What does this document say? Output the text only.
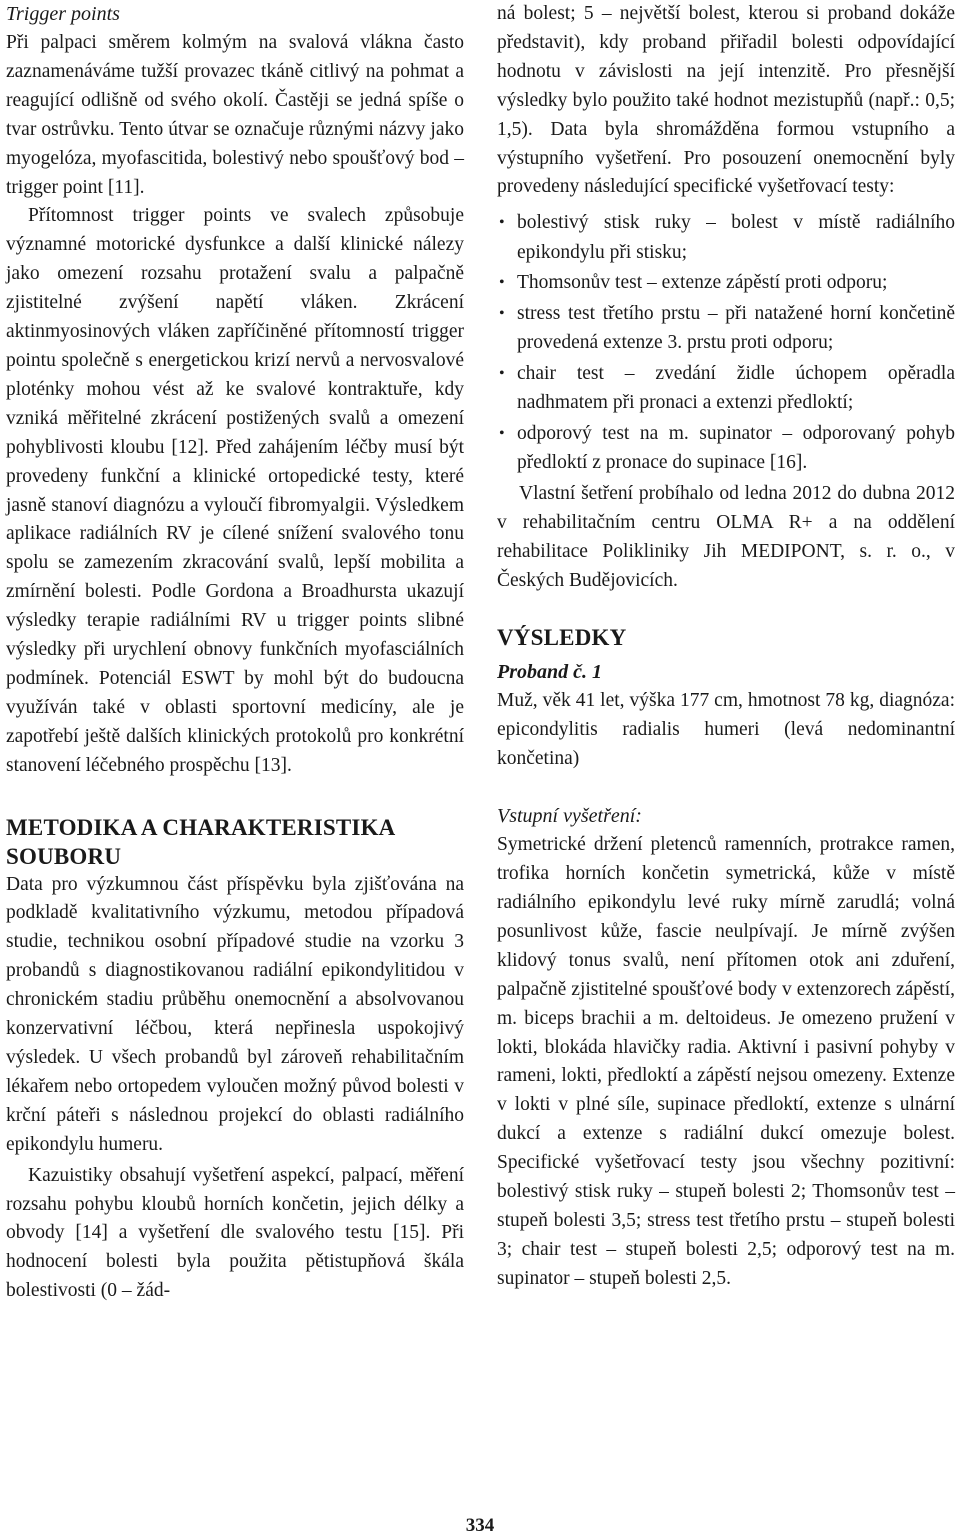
Trigger points

Při palpaci směrem kolmým na svalová vlákna často zaznamenáváme tužší provazec tkáně citlivý na pohmat a reagující odlišně od svého okolí. Častěji se jedná spíše o tvar ostrůvku. Tento útvar se označuje různými názvy jako myogelóza, myofascitida, bolestivý nebo spoušťový bod – trigger point [11].

Přítomnost trigger points ve svalech způsobuje významné motorické dysfunkce a další klinické nálezy jako omezení rozsahu protažení svalu a palpačně zjistitelné zvýšení napětí vláken. Zkrácení aktinmyosinových vláken zapříčiněné přítomností trigger pointu společně s energetickou krizí nervů a nervosvalové ploténky mohou vést až ke svalové kontraktuře, kdy vzniká měřitelné zkrácení postižených svalů a omezení pohyblivosti kloubu [12]. Před zahájením léčby musí být provedeny funkční a klinické ortopedické testy, které jasně stanoví diagnózu a vyloučí fibromyalgii. Výsledkem aplikace radiálních RV je cílené snížení svalového tonu spolu se zamezením zkracování svalů, lepší mobilita a zmírnění bolesti. Podle Gordona a Broadhursta ukazují výsledky terapie radiálními RV u trigger points slibné výsledky při urychlení obnovy funkčních myofasciálních podmínek. Potenciál ESWT by mohl být do budoucna využíván také v oblasti sportovní medicíny, ale je zapotřebí ještě dalších klinických protokolů pro konkrétní stanovení léčebného prospěchu [13].

METODIKA A CHARAKTERISTIKA

SOUBORU

Data pro výzkumnou část příspěvku byla zjišťována na podkladě kvalitativního výzkumu, metodou případová studie, technikou osobní případové studie na vzorku 3 probandů s diagnostikovanou radiální epikondylitidou v chronickém stadiu průběhu onemocnění a absolvovanou konzervativní léčbou, která nepřinesla uspokojivý výsledek. U všech probandů byl zároveň rehabilitačním lékařem nebo ortopedem vyloučen možný původ bolesti v krční páteři s následnou projekcí do oblasti radiálního epikondylu humeru.

Kazuistiky obsahují vyšetření aspekcí, palpací, měření rozsahu pohybu kloubů horních končetin, jejich délky a obvody [14] a vyšetření dle svalového testu [15]. Při hodnocení bolesti byla použita pětistupňová škála bolestivosti (0 – žád-

ná bolest; 5 – největší bolest, kterou si proband dokáže představit), kdy proband přiřadil bolesti odpovídající hodnotu v závislosti na její intenzitě. Pro přesnější výsledky bylo použito také hodnot mezistupňů (např.: 0,5; 1,5). Data byla shromážděna formou vstupního a výstupního vyšetření. Pro posouzení onemocnění byly provedeny následující specifické vyšetřovací testy:

• bolestivý stisk ruky – bolest v místě radiálního epikondylu při stisku;
• Thomsonův test – extenze zápěstí proti odporu;
• stress test třetího prstu – při natažené horní končetině provedená extenze 3. prstu proti odporu;
• chair test – zvedání židle úchopem opěradla nadhmatem při pronaci a extenzi předloktí;
• odporový test na m. supinator – odporovaný pohyb předloktí z pronace do supinace [16].

Vlastní šetření probíhalo od ledna 2012 do dubna 2012 v rehabilitačním centru OLMA R+ a na oddělení rehabilitace Polikliniky Jih MEDIPONT, s. r. o., v Českých Budějovicích.

VÝSLEDKY

Proband č. 1

Muž, věk 41 let, výška 177 cm, hmotnost 78 kg, diagnóza: epicondylitis radialis humeri (levá nedominantní končetina)

Vstupní vyšetření:

Symetrické držení pletenců ramenních, protrakce ramen, trofika horních končetin symetrická, kůže v místě radiálního epikondylu levé ruky mírně zarudlá; volná posunlivost kůže, fascie neulpívají. Je mírně zvýšen klidový tonus svalů, není přítomen otok ani zduření, palpačně zjistitelné spoušťové body v extenzorech zápěstí, m. biceps brachii a m. deltoideus. Je omezeno pružení v lokti, blokáda hlavičky radia. Aktivní i pasivní pohyby v rameni, lokti, předloktí a zápěstí nejsou omezeny. Extenze v lokti v plné síle, supinace předloktí, extenze s ulnární dukcí a extenze s radiální dukcí omezuje bolest. Specifické vyšetřovací testy jsou všechny pozitivní: bolestivý stisk ruky – stupeň bolesti 2; Thomsonův test – stupeň bolesti 3,5; stress test třetího prstu – stupeň bolesti 3; chair test – stupeň bolesti 2,5; odporový test na m. supinator – stupeň bolesti 2,5.

334
